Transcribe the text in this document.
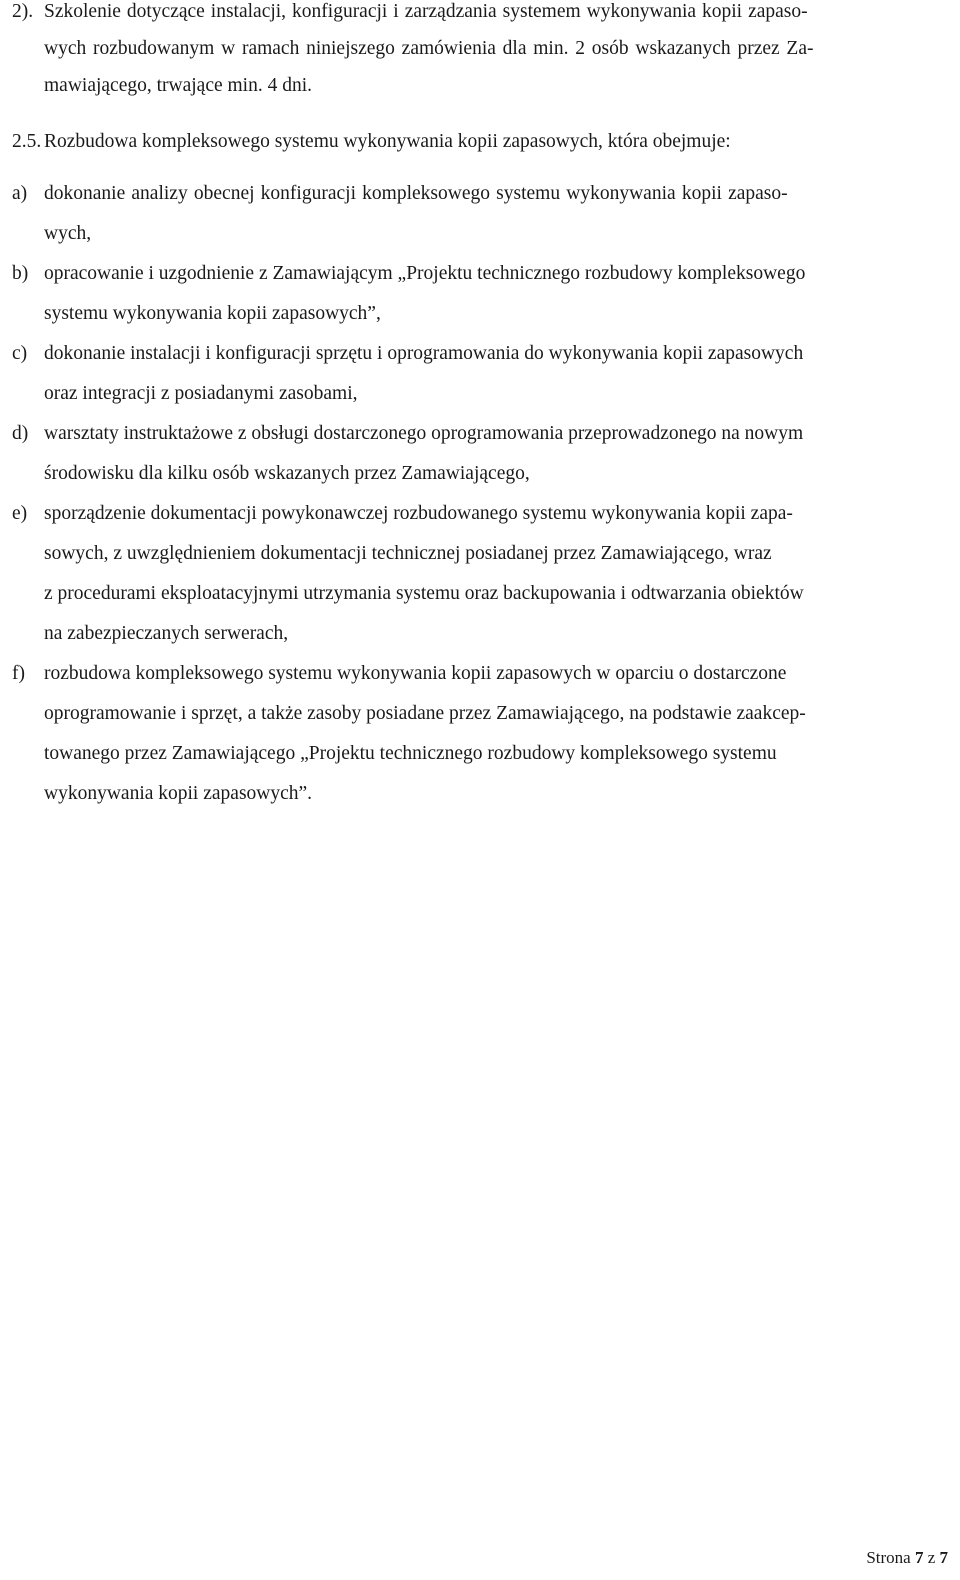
2). Szkolenie dotyczące instalacji, konfiguracji i zarządzania systemem wykonywania kopii zapaso-
wych rozbudowanym w ramach niniejszego zamówienia dla min. 2 osób wskazanych przez Za-
mawiającego, trwające min. 4 dni.
2.5. Rozbudowa kompleksowego systemu wykonywania kopii zapasowych, która obejmuje:
a) dokonanie analizy obecnej konfiguracji kompleksowego systemu wykonywania kopii zapaso-
wych,
b) opracowanie i uzgodnienie z Zamawiającym „Projektu technicznego rozbudowy kompleksowego
systemu wykonywania kopii zapasowych”,
c) dokonanie instalacji i konfiguracji sprzętu i oprogramowania do wykonywania kopii zapasowych
oraz integracji z posiadanymi zasobami,
d) warsztaty instruktażowe z obsługi dostarczonego oprogramowania przeprowadzonego na nowym
środowisku dla kilku osób wskazanych przez Zamawiającego,
e) sporządzenie dokumentacji powykonawczej rozbudowanego systemu wykonywania kopii zapa-
sowych, z uwzględnieniem dokumentacji technicznej posiadanej przez Zamawiającego, wraz
z procedurami eksploatacyjnymi utrzymania systemu oraz backupowania i odtwarzania obiektów
na zabezpieczanych serwerach,
f) rozbudowa kompleksowego systemu wykonywania kopii zapasowych w oparciu o dostarczone
oprogramowanie i sprzęt, a także zasoby posiadane przez Zamawiającego, na podstawie zaakcep-
towanego przez Zamawiającego „Projektu technicznego rozbudowy kompleksowego systemu
wykonywania kopii zapasowych”.
Strona 7 z 7
